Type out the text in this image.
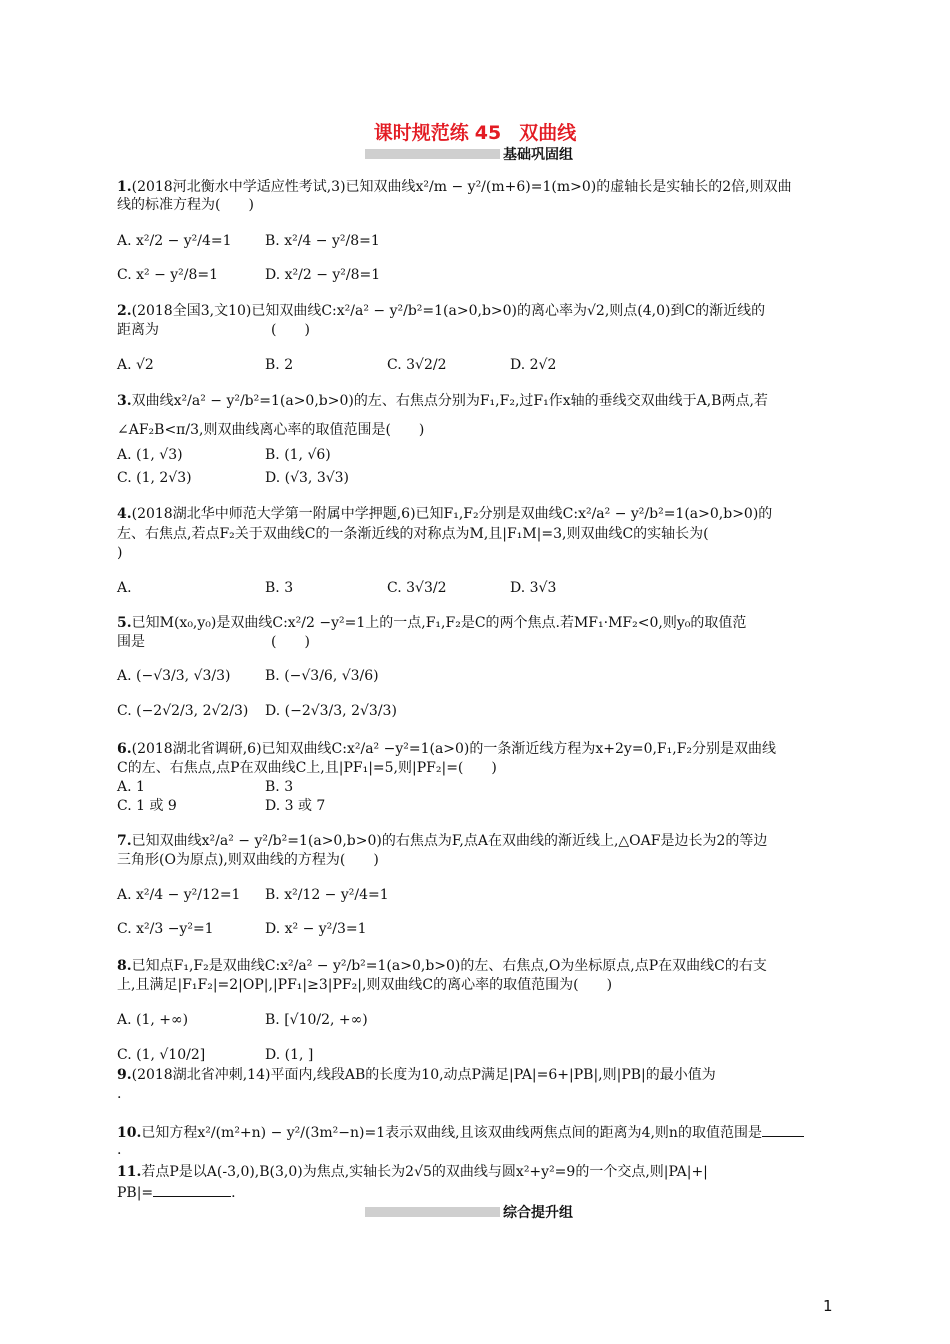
课时规范练 45 双曲线
基础巩固组
1.(2018河北衡水中学适应性考试,3)已知双曲线x²/m − y²/(m+6)=1(m>0)的虚轴长是实轴长的2倍,则双曲
线的标准方程为(　　)
A. x²/2 − y²/4=1 B. x²/4 − y²/8=1
C. x² − y²/8=1	D. x²/2 − y²/8=1
2.(2018全国3,文10)已知双曲线C:x²/a² − y²/b²=1(a>0,b>0)的离心率为√2,则点(4,0)到C的渐近线的
距离为　　　　　　　　(　　)
A. √2	B. 2	C. 3√2/2	D. 2√2
3.双曲线x²/a² − y²/b²=1(a>0,b>0)的左、右焦点分别为F₁,F₂,过F₁作x轴的垂线交双曲线于A,B两点,若
∠AF₂B<π/3,则双曲线离心率的取值范围是(　　)
A. (1, √3)	B. (1, √6)
C. (1, 2√3)	D. (√3, 3√3)
4.(2018湖北华中师范大学第一附属中学押题,6)已知F₁,F₂分别是双曲线C:x²/a² − y²/b²=1(a>0,b>0)的
左、右焦点,若点F₂关于双曲线C的一条渐近线的对称点为M,且|F₁M|=3,则双曲线C的实轴长为(
)
A.	B. 3	C. 3√3/2	D. 3√3
5.已知M(x₀,y₀)是双曲线C:x²/2 −y²=1上的一点,F₁,F₂是C的两个焦点.若MF₁·MF₂<0,则y₀的取值范
围是　　　　　　　　　(　　)
A. (−√3/3, √3/3) B. (−√3/6, √3/6)
C. (−2√2/3, 2√2/3) D. (−2√3/3, 2√3/3)
6.(2018湖北省调研,6)已知双曲线C:x²/a² −y²=1(a>0)的一条渐近线方程为x+2y=0,F₁,F₂分别是双曲线
C的左、右焦点,点P在双曲线C上,且|PF₁|=5,则|PF₂|=(　　)
A. 1	B. 3
C. 1 或 9	D. 3 或 7
7.已知双曲线x²/a² − y²/b²=1(a>0,b>0)的右焦点为F,点A在双曲线的渐近线上,△OAF是边长为2的等边
三角形(O为原点),则双曲线的方程为(　　)
A. x²/4 − y²/12=1 B. x²/12 − y²/4=1
C. x²/3 −y²=1	D. x² − y²/3=1
8.已知点F₁,F₂是双曲线C:x²/a² − y²/b²=1(a>0,b>0)的左、右焦点,O为坐标原点,点P在双曲线C的右支
上,且满足|F₁F₂|=2|OP|,|PF₁|≥3|PF₂|,则双曲线C的离心率的取值范围为(　　)
A. (1, +∞)	B. [√10/2, +∞)
C. (1, √10/2]	D. (1, ]
9.(2018湖北省冲刺,14)平面内,线段AB的长度为10,动点P满足|PA|=6+|PB|,则|PB|的最小值为
.
10.已知方程x²/(m²+n) − y²/(3m²−n)=1表示双曲线,且该双曲线两焦点间的距离为4,则n的取值范围是
.
11.若点P是以A(-3,0),B(3,0)为焦点,实轴长为2√5的双曲线与圆x²+y²=9的一个交点,则|PA|+|
PB|=	.
综合提升组
1
